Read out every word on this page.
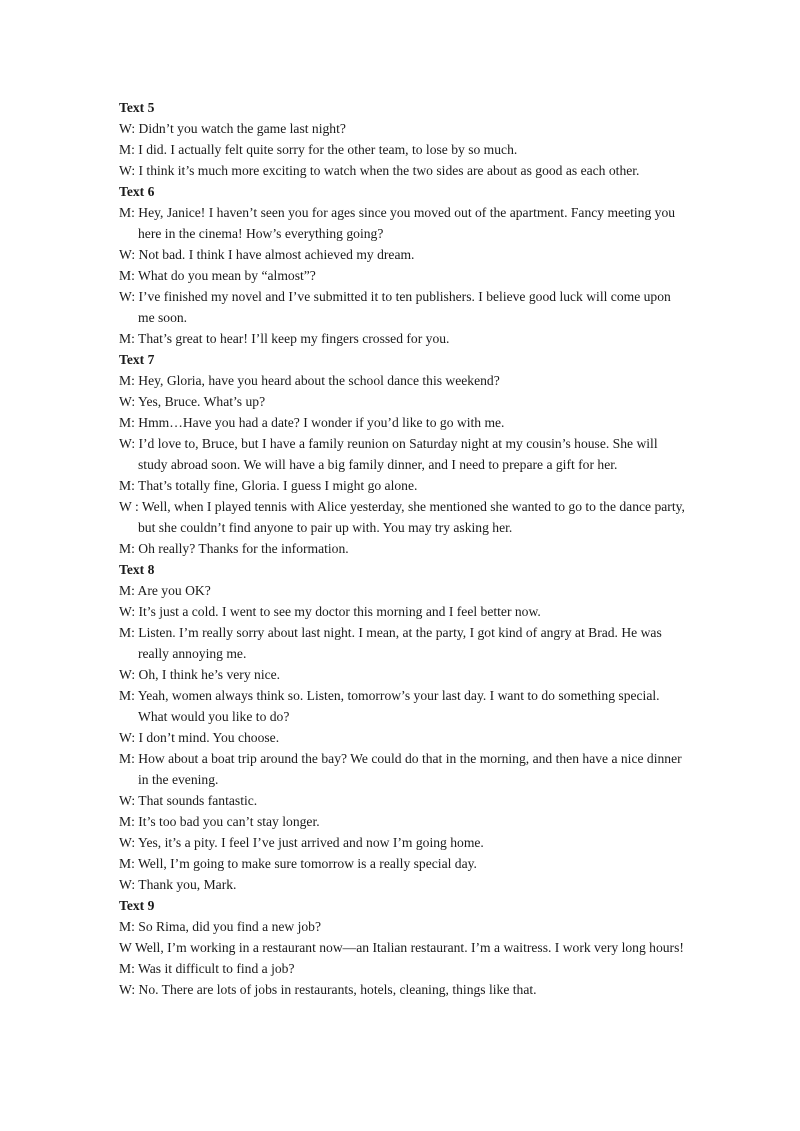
Text 5

W: Didn’t you watch the game last night?

M: I did. I actually felt quite sorry for the other team, to lose by so much.

W: I think it’s much more exciting to watch when the two sides are about as good as each other.

Text 6

M: Hey, Janice! I haven’t seen you for ages since you moved out of the apartment. Fancy meeting you here in the cinema! How’s everything going?

W: Not bad. I think I have almost achieved my dream.

M: What do you mean by “almost”?

W: I’ve finished my novel and I’ve submitted it to ten publishers. I believe good luck will come upon me soon.

M: That’s great to hear! I’ll keep my fingers crossed for you.

Text 7

M: Hey, Gloria, have you heard about the school dance this weekend?

W: Yes, Bruce. What’s up?

M: Hmm…Have you had a date? I wonder if you’d like to go with me.

W: I’d love to, Bruce, but I have a family reunion on Saturday night at my cousin’s house. She will study abroad soon. We will have a big family dinner, and I need to prepare a gift for her.

M: That’s totally fine, Gloria. I guess I might go alone.

W : Well, when I played tennis with Alice yesterday, she mentioned she wanted to go to the dance party, but she couldn’t find anyone to pair up with. You may try asking her.

M: Oh really? Thanks for the information.

Text 8

M: Are you OK?

W: It’s just a cold. I went to see my doctor this morning and I feel better now.

M: Listen. I’m really sorry about last night. I mean, at the party, I got kind of angry at Brad. He was really annoying me.

W: Oh, I think he’s very nice.

M: Yeah, women always think so. Listen, tomorrow’s your last day. I want to do something special. What would you like to do?

W: I don’t mind. You choose.

M: How about a boat trip around the bay? We could do that in the morning, and then have a nice dinner in the evening.

W: That sounds fantastic.

M: It’s too bad you can’t stay longer.

W: Yes, it’s a pity. I feel I’ve just arrived and now I’m going home.

M: Well, I’m going to make sure tomorrow is a really special day.

W: Thank you, Mark.

Text 9

M: So Rima, did you find a new job?

W Well, I’m working in a restaurant now—an Italian restaurant. I’m a waitress. I work very long hours!

M: Was it difficult to find a job?

W: No. There are lots of jobs in restaurants, hotels, cleaning, things like that.
